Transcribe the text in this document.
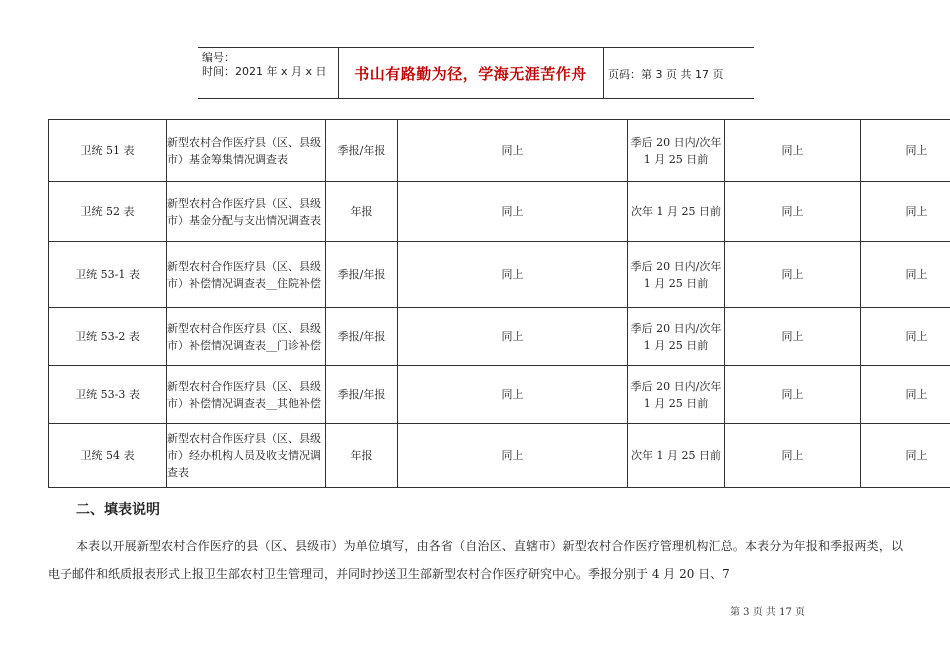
编号：
时间：2021 年 x 月 x 日	书山有路勤为径，学海无涯苦作舟	页码：第 3 页 共 17 页
卫统 51 表	新型农村合作医疗县（区、县级市）基金筹集情况调查表	季报/年报	同上	季后 20 日内/次年 1 月 25 日前	同上	同上
卫统 52 表	新型农村合作医疗县（区、县级市）基金分配与支出情况调查表	年报	同上	次年 1 月 25 日前	同上	同上
卫统 53-1 表	新型农村合作医疗县（区、县级市）补偿情况调查表__住院补偿	季报/年报	同上	季后 20 日内/次年 1 月 25 日前	同上	同上
卫统 53-2 表	新型农村合作医疗县（区、县级市）补偿情况调查表__门诊补偿	季报/年报	同上	季后 20 日内/次年 1 月 25 日前	同上	同上
卫统 53-3 表	新型农村合作医疗县（区、县级市）补偿情况调查表__其他补偿	季报/年报	同上	季后 20 日内/次年 1 月 25 日前	同上	同上
卫统 54 表	新型农村合作医疗县（区、县级市）经办机构人员及收支情况调查表	年报	同上	次年 1 月 25 日前	同上	同上
二、填表说明
本表以开展新型农村合作医疗的县（区、县级市）为单位填写，由各省（自治区、直辖市）新型农村合作医疗管理机构汇总。本表分为年报和季报两类，以电子邮件和纸质报表形式上报卫生部农村卫生管理司，并同时抄送卫生部新型农村合作医疗研究中心。季报分别于 4 月 20 日、7
第 3 页 共 17 页
